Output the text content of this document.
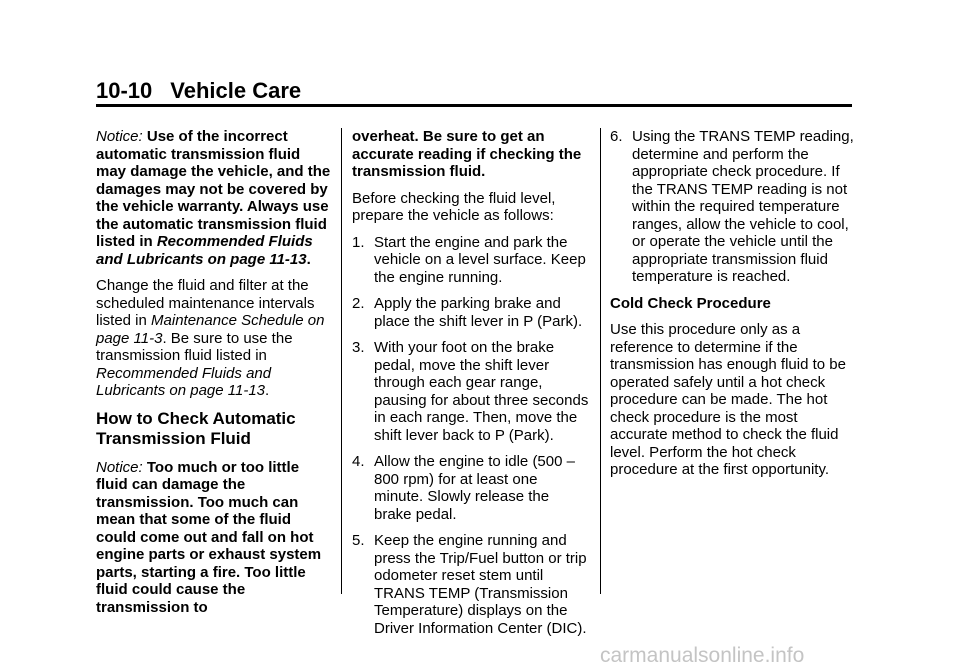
10-10 Vehicle Care

Notice: Use of the incorrect automatic transmission fluid may damage the vehicle, and the damages may not be covered by the vehicle warranty. Always use the automatic transmission fluid listed in Recommended Fluids and Lubricants on page 11-13.

Change the fluid and filter at the scheduled maintenance intervals listed in Maintenance Schedule on page 11-3. Be sure to use the transmission fluid listed in Recommended Fluids and Lubricants on page 11-13.

How to Check Automatic Transmission Fluid

Notice: Too much or too little fluid can damage the transmission. Too much can mean that some of the fluid could come out and fall on hot engine parts or exhaust system parts, starting a fire. Too little fluid could cause the transmission to

overheat. Be sure to get an accurate reading if checking the transmission fluid.

Before checking the fluid level, prepare the vehicle as follows:

1. Start the engine and park the vehicle on a level surface. Keep the engine running.
2. Apply the parking brake and place the shift lever in P (Park).
3. With your foot on the brake pedal, move the shift lever through each gear range, pausing for about three seconds in each range. Then, move the shift lever back to P (Park).
4. Allow the engine to idle (500 – 800 rpm) for at least one minute. Slowly release the brake pedal.
5. Keep the engine running and press the Trip/Fuel button or trip odometer reset stem until TRANS TEMP (Transmission Temperature) displays on the Driver Information Center (DIC).
6. Using the TRANS TEMP reading, determine and perform the appropriate check procedure. If the TRANS TEMP reading is not within the required temperature ranges, allow the vehicle to cool, or operate the vehicle until the appropriate transmission fluid temperature is reached.

Cold Check Procedure

Use this procedure only as a reference to determine if the transmission has enough fluid to be operated safely until a hot check procedure can be made. The hot check procedure is the most accurate method to check the fluid level. Perform the hot check procedure at the first opportunity.

carmanualsonline.info
